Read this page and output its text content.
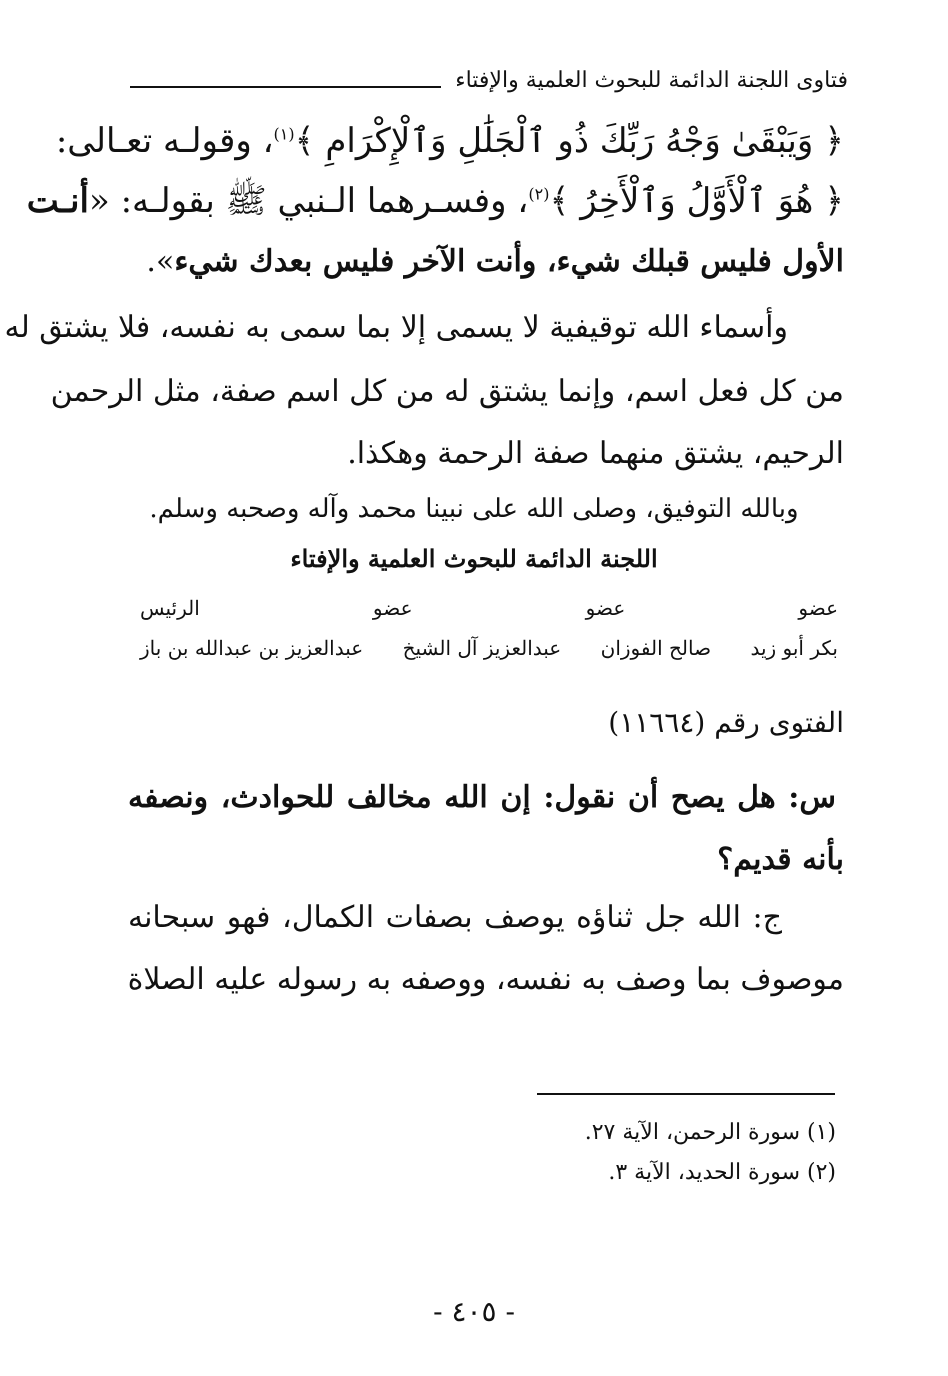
فتاوى اللجنة الدائمة للبحوث العلمية والإفتاء
﴿ وَيَبْقَىٰ وَجْهُ رَبِّكَ ذُو ٱلْجَلَٰلِ وَٱلْإِكْرَامِ ﴾$^{(١)}$، وقولـه تعـالى:
﴿ هُوَ ٱلْأَوَّلُ وَٱلْأَخِرُ ﴾$^{(٢)}$، وفسـرهما الـنبي ﷺ بقولـه: «أنـت
الأول فليس قبلك شيء، وأنت الآخر فليس بعدك شيء».
وأسماء الله توقيفية لا يسمى إلا بما سمى به نفسه، فلا يشتق له
من كل فعل اسم، وإنما يشتق له من كل اسم صفة، مثل الرحمن
الرحيم، يشتق منهما صفة الرحمة وهكذا.
وبالله التوفيق، وصلى الله على نبينا محمد وآله وصحبه وسلم.
اللجنة الدائمة للبحوث العلمية والإفتاء
عضو
عضو
عضو
الرئيس
بكر أبو زيد
صالح الفوزان
عبدالعزيز آل الشيخ
عبدالعزيز بن عبدالله بن باز
الفتوى رقم (١١٦٦٤)
س: هل يصح أن نقول: إن الله مخالف للحوادث، ونصفه
بأنه قديم؟
ج: الله جل ثناؤه يوصف بصفات الكمال، فهو سبحانه
موصوف بما وصف به نفسه، ووصفه به رسوله عليه الصلاة
(١) سورة الرحمن، الآية ٢٧.
(٢) سورة الحديد، الآية ٣.
- ٤٠٥ -
